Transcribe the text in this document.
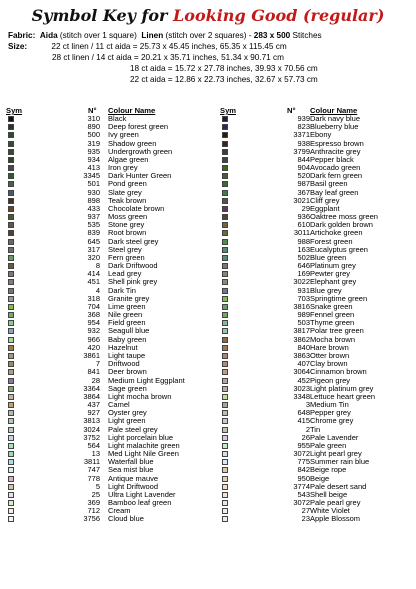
Symbol Key for Looking Good (regular)
Fabric: Aida (stitch over 1 square) Linen (stitch over 2 squares) - 283 x 500 Stitches
Size:	22 ct linen / 11 ct aida = 25.73 x 45.45 inches, 65.35 x 115.45 cm
28 ct linen / 14 ct aida = 20.21 x 35.71 inches, 51.34 x 90.71 cm
18 ct aida = 15.72 x 27.78 inches, 39.93 x 70.56 cm
22 ct aida = 12.86 x 22.73 inches, 32.67 x 57.73 cm
Sym	N° Colour Name	Sym	N° Colour Name
310 Black
890 Deep forest green
500 Ivy green
319 Shadow green
935 Undergrowth green
934 Algae green
413 Iron grey
3345 Dark Hunter Green
501 Pond green
930 Slate grey
898 Teak brown
433 Chocolate brown
937 Moss green
535 Stone grey
839 Root brown
645 Dark steel grey
317 Steel grey
320 Fern green
8 Dark Driftwood
414 Lead grey
451 Shell pink grey
4 Dark Tin
318 Granite grey
704 Lime green
368 Nile green
954 Field green
932 Seagull blue
966 Baby green
420 Hazelnut
3861 Light taupe
7 Driftwood
841 Deer brown
28 Medium Light Eggplant
3364 Sage green
3864 Light mocha brown
437 Camel
927 Oyster grey
3813 Light green
3024 Pale steel grey
3752 Light porcelain blue
564 Light malachite green
13 Med Light Nile Green
3811 Waterfall blue
747 Sea mist blue
778 Antique mauve
5 Light Driftwood
25 Ultra Light Lavender
369 Bamboo leaf green
712 Cream
3756 Cloud blue
939 Dark navy blue
823 Blueberry blue
3371 Ebony
938 Espresso brown
3799 Anthracite grey
844 Pepper black
904 Avocado green
520 Dark fern green
987 Basil green
367 Bay leaf green
3021 Cliff grey
29 Eggplant
936 Oaktree moss green
610 Dark golden brown
3011 Artichoke green
988 Forest green
163 Eucalyptus green
502 Blue green
646 Platinum grey
169 Pewter grey
3022 Elephant grey
931 Blue grey
703 Springtime green
3816 Snake green
989 Fennel green
503 Thyme green
3817 Polar tree green
3862 Mocha brown
840 Hare brown
3863 Otter brown
407 Clay brown
3064 Cinnamon brown
452 Pigeon grey
3023 Light platinum grey
3348 Lettuce heart green
3 Medium Tin
648 Pepper grey
415 Chrome grey
2 Tin
26 Pale Lavender
955 Pale green
3072 Light pearl grey
775 Summer rain blue
842 Beige rope
950 Beige
3774 Pale desert sand
543 Shell beige
3072 Pale pearl grey
27 White Violet
23 Apple Blossom
